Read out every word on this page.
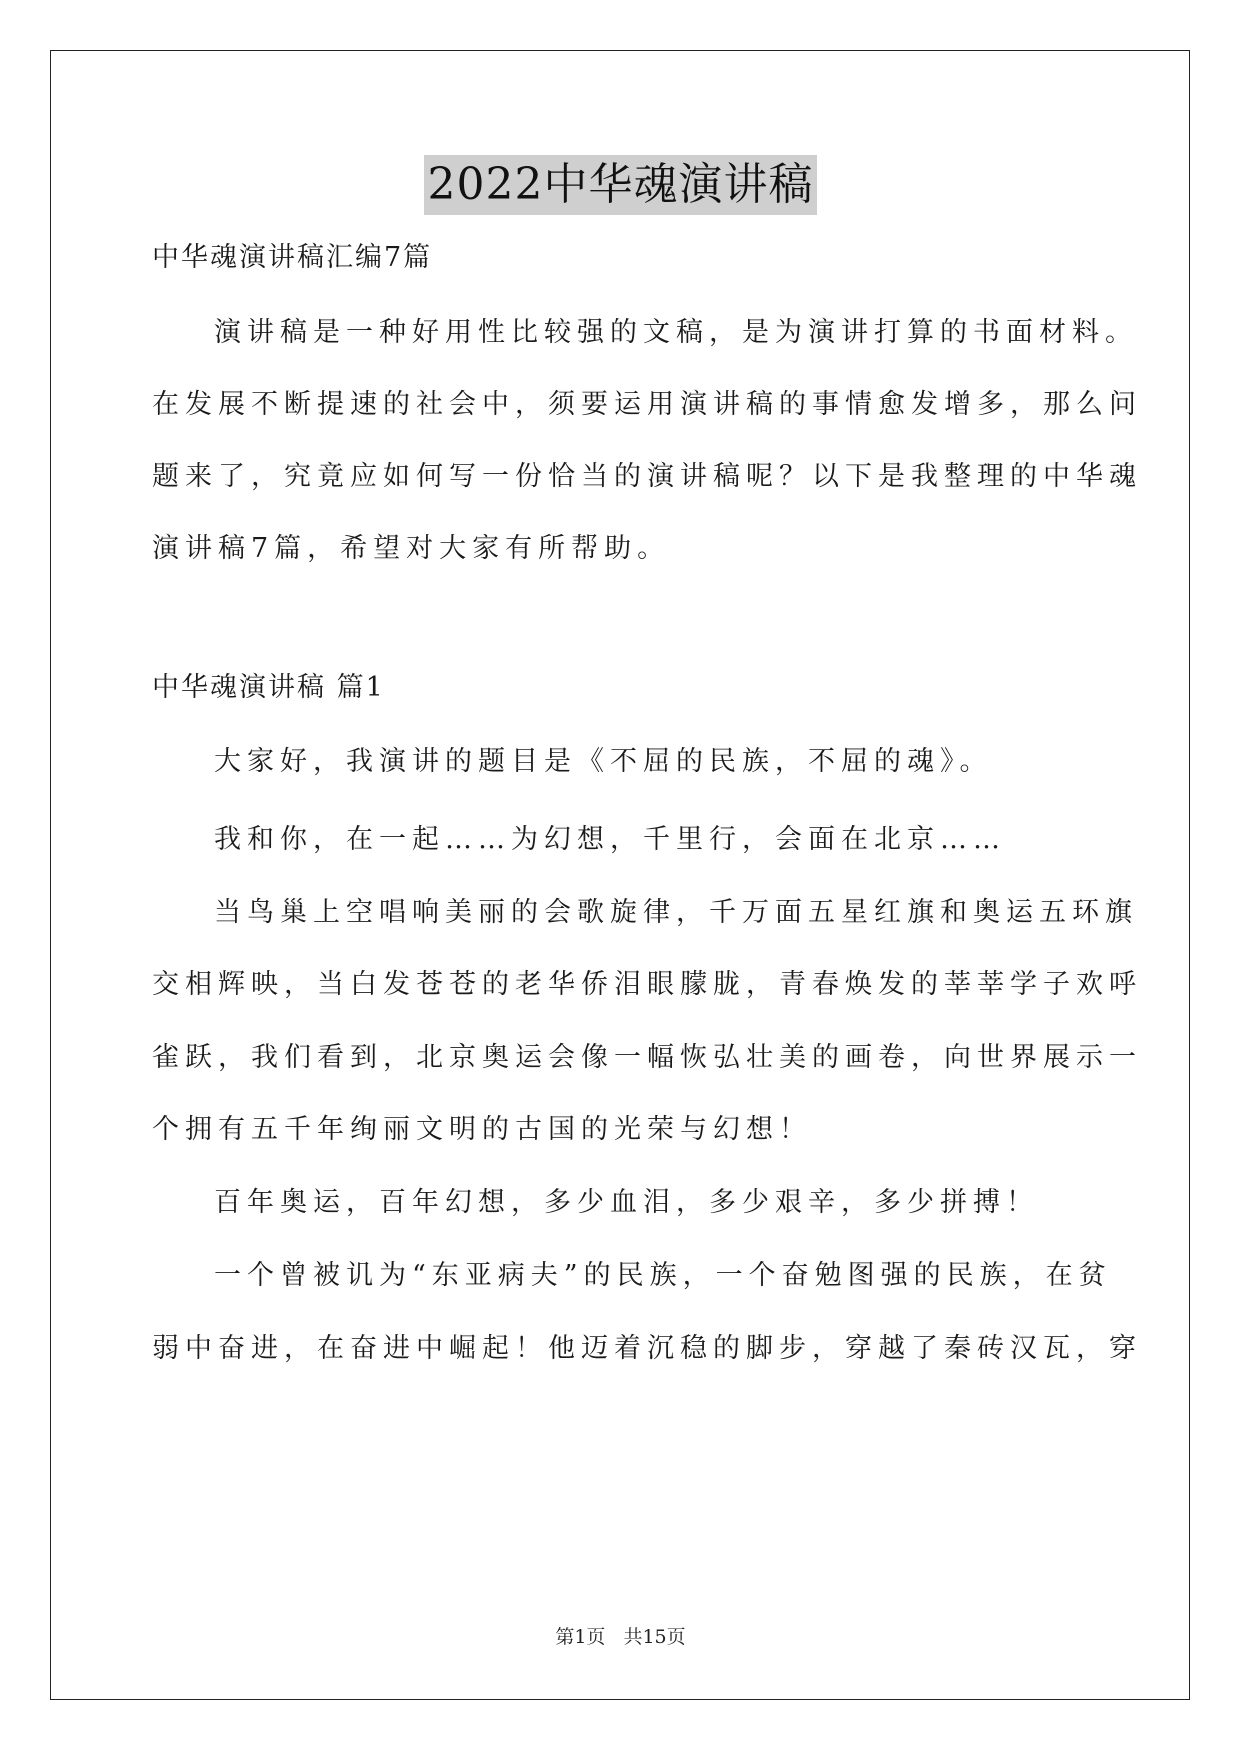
2022中华魂演讲稿
中华魂演讲稿汇编7篇
演讲稿是一种好用性比较强的文稿，是为演讲打算的书面材料。
在发展不断提速的社会中，须要运用演讲稿的事情愈发增多，那么问
题来了，究竟应如何写一份恰当的演讲稿呢？以下是我整理的中华魂
演讲稿7篇，希望对大家有所帮助。
中华魂演讲稿 篇1
大家好，我演讲的题目是《不屈的民族，不屈的魂》。
我和你，在一起……为幻想，千里行，会面在北京……
当鸟巢上空唱响美丽的会歌旋律，千万面五星红旗和奥运五环旗
交相辉映，当白发苍苍的老华侨泪眼朦胧，青春焕发的莘莘学子欢呼
雀跃，我们看到，北京奥运会像一幅恢弘壮美的画卷，向世界展示一
个拥有五千年绚丽文明的古国的光荣与幻想！
百年奥运，百年幻想，多少血泪，多少艰辛，多少拼搏！
一个曾被讥为“东亚病夫”的民族，一个奋勉图强的民族，在贫
弱中奋进，在奋进中崛起！他迈着沉稳的脚步，穿越了秦砖汉瓦，穿
第1页 共15页
